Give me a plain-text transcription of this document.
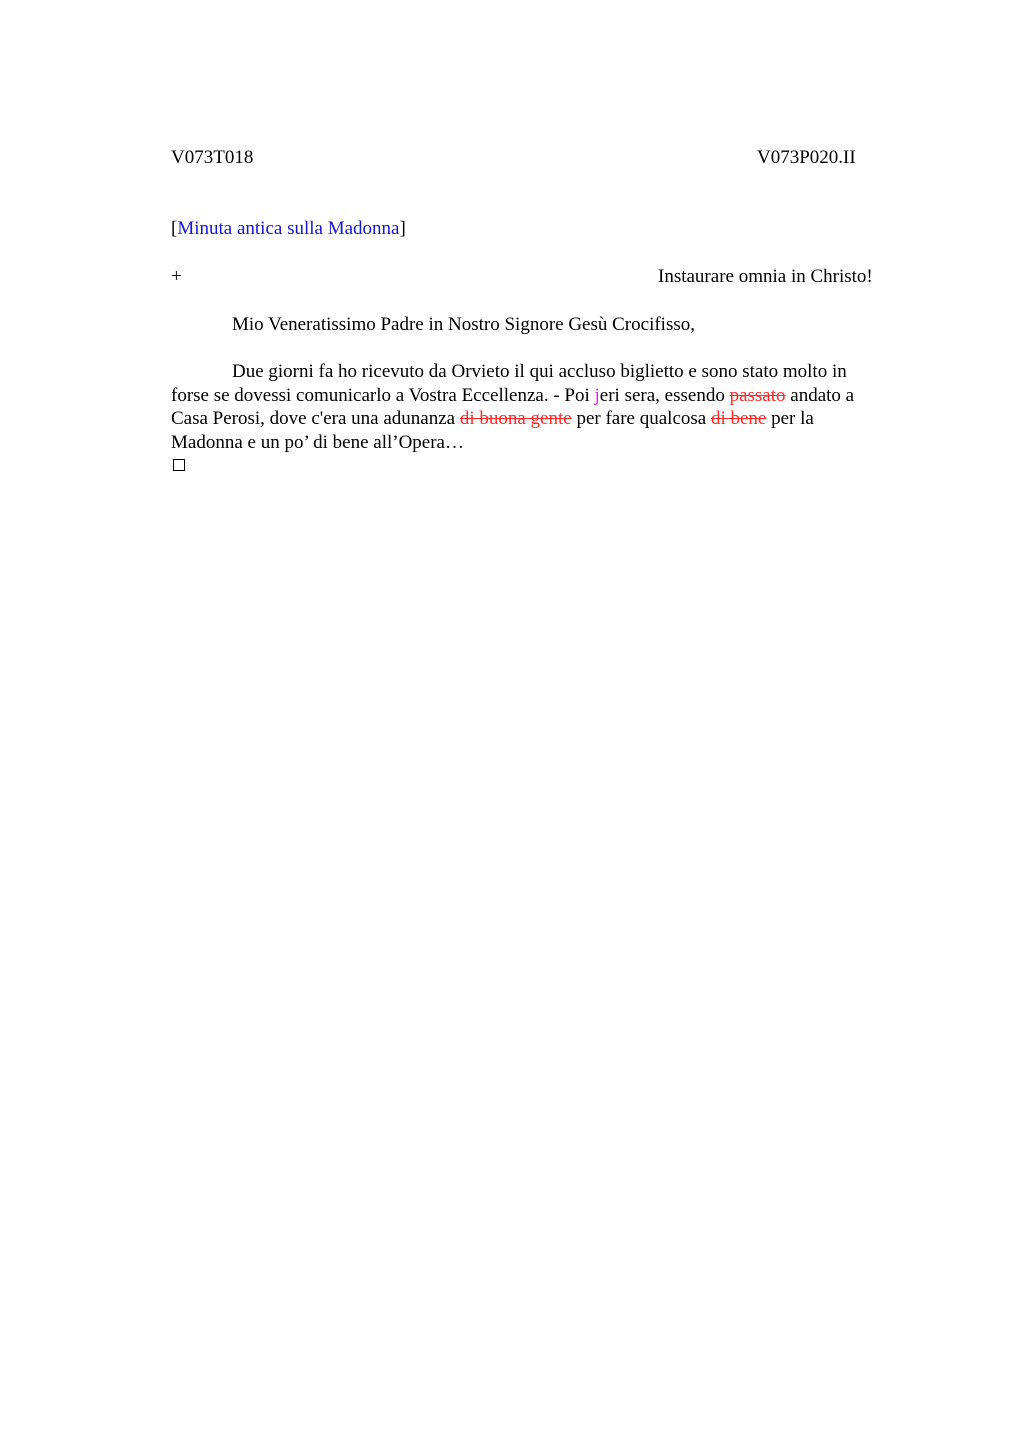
V073T018	V073P020.II
[Minuta antica sulla Madonna]
+	Instaurare omnia in Christo!
Mio Veneratissimo Padre in Nostro Signore Gesù Crocifisso,
Due giorni fa ho ricevuto da Orvieto il qui accluso biglietto e sono stato molto in
forse se dovessi comunicarlo a Vostra Eccellenza. - Poi jeri sera, essendo passato andato a
Casa Perosi, dove c'era una adunanza di buona gente per fare qualcosa di bene per la
Madonna e un po’ di bene all’Opera…
